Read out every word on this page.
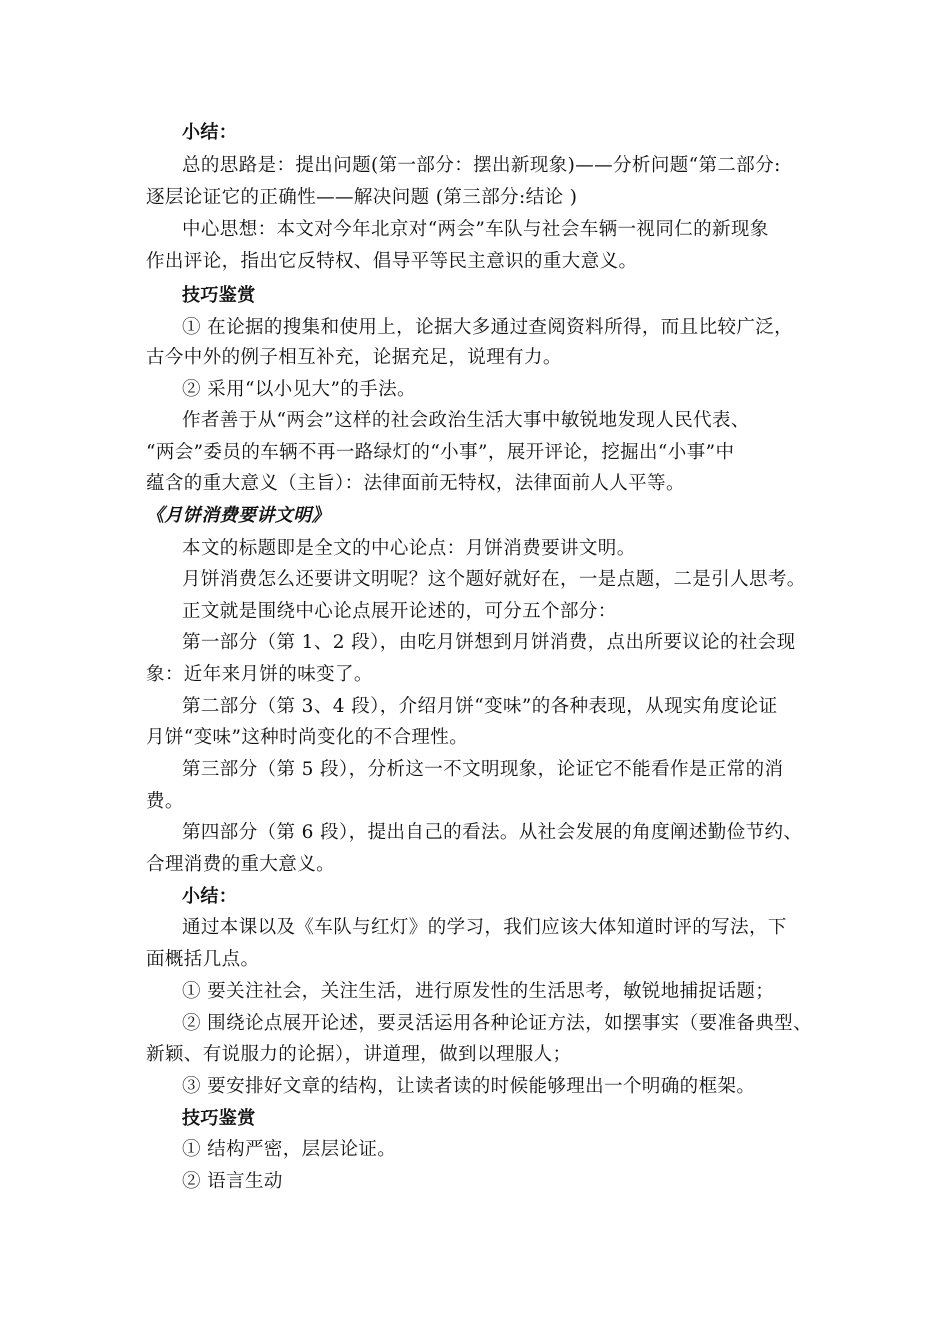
小结：
总的思路是：提出问题(第一部分：摆出新现象)——分析问题“第二部分:
逐层论证它的正确性——解决问题 (第三部分:结论 )
中心思想：本文对今年北京对“两会”车队与社会车辆一视同仁的新现象
作出评论，指出它反特权、倡导平等民主意识的重大意义。
技巧鉴赏
① 在论据的搜集和使用上，论据大多通过查阅资料所得，而且比较广泛，
古今中外的例子相互补充，论据充足，说理有力。
② 采用“以小见大”的手法。
作者善于从“两会”这样的社会政治生活大事中敏锐地发现人民代表、
“两会”委员的车辆不再一路绿灯的“小事”，展开评论，挖掘出“小事”中
蕴含的重大意义（主旨）：法律面前无特权，法律面前人人平等。
《月饼消费要讲文明》
本文的标题即是全文的中心论点：月饼消费要讲文明。
月饼消费怎么还要讲文明呢？这个题好就好在，一是点题，二是引人思考。
正文就是围绕中心论点展开论述的，可分五个部分：
第一部分（第 1、2 段），由吃月饼想到月饼消费，点出所要议论的社会现
象：近年来月饼的味变了。
第二部分（第 3、4 段），介绍月饼“变味”的各种表现，从现实角度论证
月饼“变味”这种时尚变化的不合理性。
第三部分（第 5 段），分析这一不文明现象，论证它不能看作是正常的消
费。
第四部分（第 6 段），提出自己的看法。从社会发展的角度阐述勤俭节约、
合理消费的重大意义。
小结：
通过本课以及《车队与红灯》的学习，我们应该大体知道时评的写法，下
面概括几点。
① 要关注社会，关注生活，进行原发性的生活思考，敏锐地捕捉话题；
② 围绕论点展开论述，要灵活运用各种论证方法，如摆事实（要准备典型、
新颖、有说服力的论据），讲道理，做到以理服人；
③ 要安排好文章的结构，让读者读的时候能够理出一个明确的框架。
技巧鉴赏
① 结构严密，层层论证。
② 语言生动
